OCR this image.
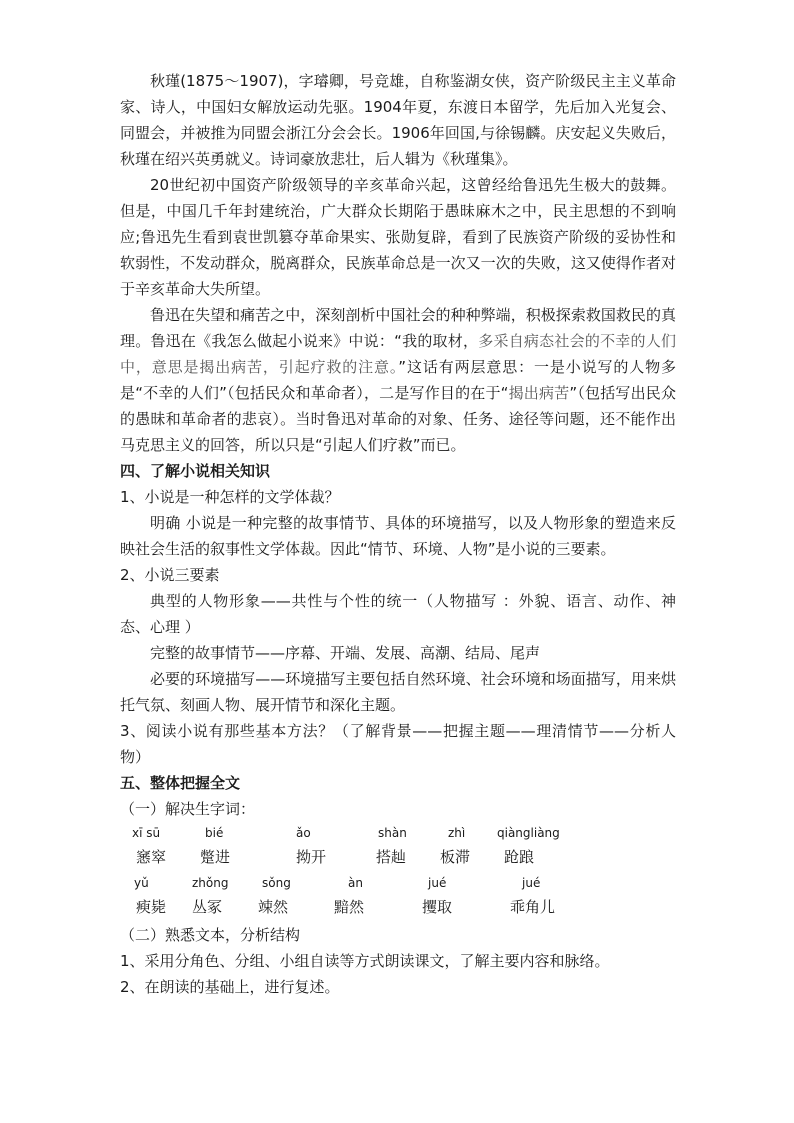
秋瑾(1875～1907)，字璿卿，号竞雄，自称鉴湖女侠，资产阶级民主主义革命家、诗人，中国妇女解放运动先驱。1904年夏，东渡日本留学，先后加入光复会、同盟会，并被推为同盟会浙江分会会长。1906年回国,与徐锡麟。庆安起义失败后，秋瑾在绍兴英勇就义。诗词豪放悲壮，后人辑为《秋瑾集》。

20世纪初中国资产阶级领导的辛亥革命兴起，这曾经给鲁迅先生极大的鼓舞。但是，中国几千年封建统治，广大群众长期陷于愚昧麻木之中，民主思想的不到响应;鲁迅先生看到袁世凯篡夺革命果实、张勋复辟，看到了民族资产阶级的妥协性和软弱性，不发动群众，脱离群众，民族革命总是一次又一次的失败，这又使得作者对于辛亥革命大失所望。

鲁迅在失望和痛苦之中，深刻剖析中国社会的种种弊端，积极探索救国救民的真理。鲁迅在《我怎么做起小说来》中说：“我的取材，多采自病态社会的不幸的人们中，意思是揭出病苦，引起疗救的注意。”这话有两层意思：一是小说写的人物多是“不幸的人们”（包括民众和革命者），二是写作目的在于“揭出病苦”（包括写出民众的愚昧和革命者的悲哀）。当时鲁迅对革命的对象、任务、途径等问题，还不能作出马克思主义的回答，所以只是“引起人们疗救”而已。

四、了解小说相关知识

1、小说是一种怎样的文学体裁？

明确 小说是一种完整的故事情节、具体的环境描写，以及人物形象的塑造来反映社会生活的叙事性文学体裁。因此“情节、环境、人物”是小说的三要素。

2、小说三要素

典型的人物形象——共性与个性的统一（人物描写 ：外貌、语言、动作、神态、心理 ）

完整的故事情节——序幕、开端、发展、高潮、结局、尾声

必要的环境描写——环境描写主要包括自然环境、社会环境和场面描写，用来烘托气氛、刻画人物、展开情节和深化主题。

3、阅读小说有那些基本方法？（了解背景——把握主题——理清情节——分析人物）

五、整体把握全文

（一）解决生字词：

xī sū	bié	ǎo	shàn	zhì	qiàngliàng
窸窣 蹩进	拗开	搭赸 板滞 跄踉
yǔ	zhǒng	sǒng	àn	jué	jué
瘐毙 丛冢 竦然	黯然	攫取	乖角儿

（二）熟悉文本，分析结构

1、采用分角色、分组、小组自读等方式朗读课文，了解主要内容和脉络。

2、在朗读的基础上，进行复述。
